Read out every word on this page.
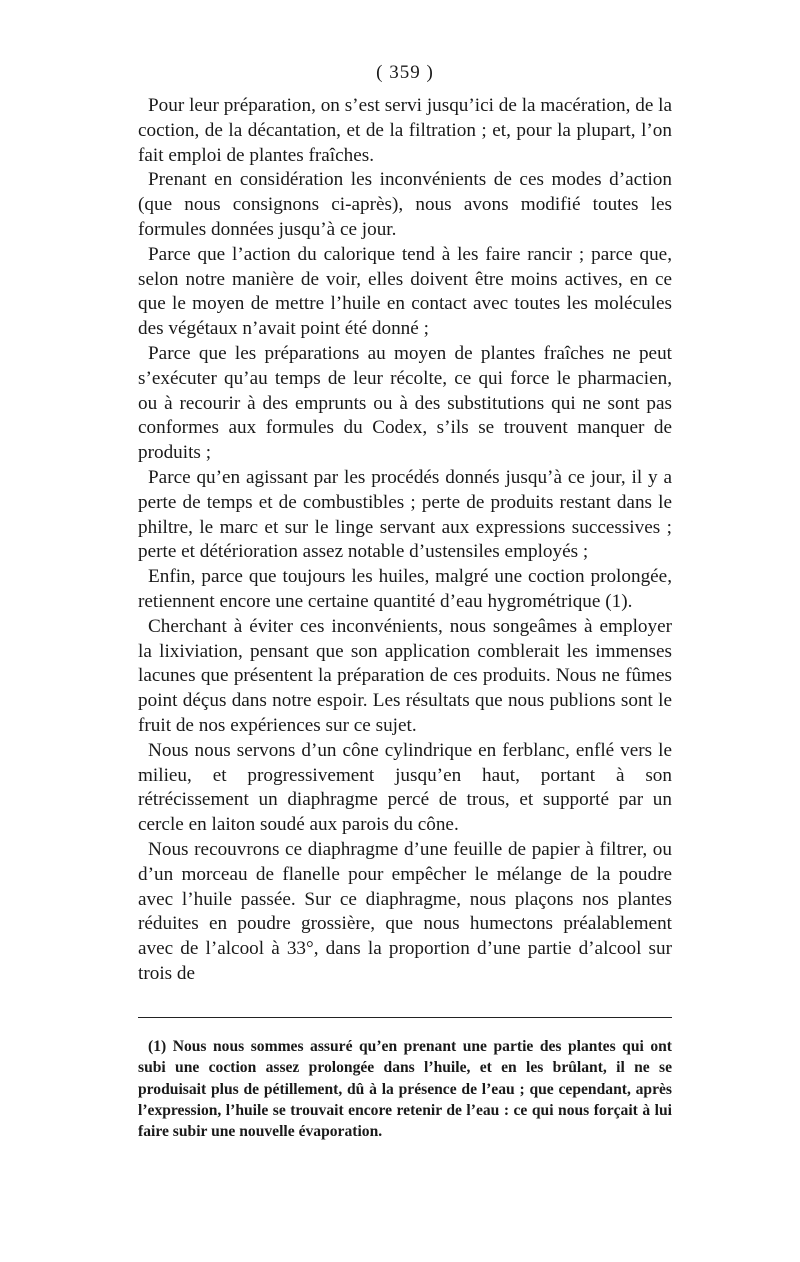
( 359 )

Pour leur préparation, on s’est servi jusqu’ici de la macération, de la coction, de la décantation, et de la filtration ; et, pour la plupart, l’on fait emploi de plantes fraîches.

Prenant en considération les inconvénients de ces modes d’action (que nous consignons ci-après), nous avons modifié toutes les formules données jusqu’à ce jour.

Parce que l’action du calorique tend à les faire rancir ; parce que, selon notre manière de voir, elles doivent être moins actives, en ce que le moyen de mettre l’huile en contact avec toutes les molécules des végétaux n’avait point été donné ;

Parce que les préparations au moyen de plantes fraîches ne peut s’exécuter qu’au temps de leur récolte, ce qui force le pharmacien, ou à recourir à des emprunts ou à des substitutions qui ne sont pas conformes aux formules du Codex, s’ils se trouvent manquer de produits ;

Parce qu’en agissant par les procédés donnés jusqu’à ce jour, il y a perte de temps et de combustibles ; perte de produits restant dans le philtre, le marc et sur le linge servant aux expressions successives ; perte et détérioration assez notable d’ustensiles employés ;

Enfin, parce que toujours les huiles, malgré une coction prolongée, retiennent encore une certaine quantité d’eau hygrométrique (1).

Cherchant à éviter ces inconvénients, nous songeâmes à employer la lixiviation, pensant que son application comblerait les immenses lacunes que présentent la préparation de ces produits. Nous ne fûmes point déçus dans notre espoir. Les résultats que nous publions sont le fruit de nos expériences sur ce sujet.

Nous nous servons d’un cône cylindrique en ferblanc, enflé vers le milieu, et progressivement jusqu’en haut, portant à son rétrécissement un diaphragme percé de trous, et supporté par un cercle en laiton soudé aux parois du cône.

Nous recouvrons ce diaphragme d’une feuille de papier à filtrer, ou d’un morceau de flanelle pour empêcher le mélange de la poudre avec l’huile passée. Sur ce diaphragme, nous plaçons nos plantes réduites en poudre grossière, que nous humectons préalablement avec de l’alcool à 33°, dans la proportion d’une partie d’alcool sur trois de

(1) Nous nous sommes assuré qu’en prenant une partie des plantes qui ont subi une coction assez prolongée dans l’huile, et en les brûlant, il ne se produisait plus de pétillement, dû à la présence de l’eau ; que cependant, après l’expression, l’huile se trouvait encore retenir de l’eau : ce qui nous forçait à lui faire subir une nouvelle évaporation.
